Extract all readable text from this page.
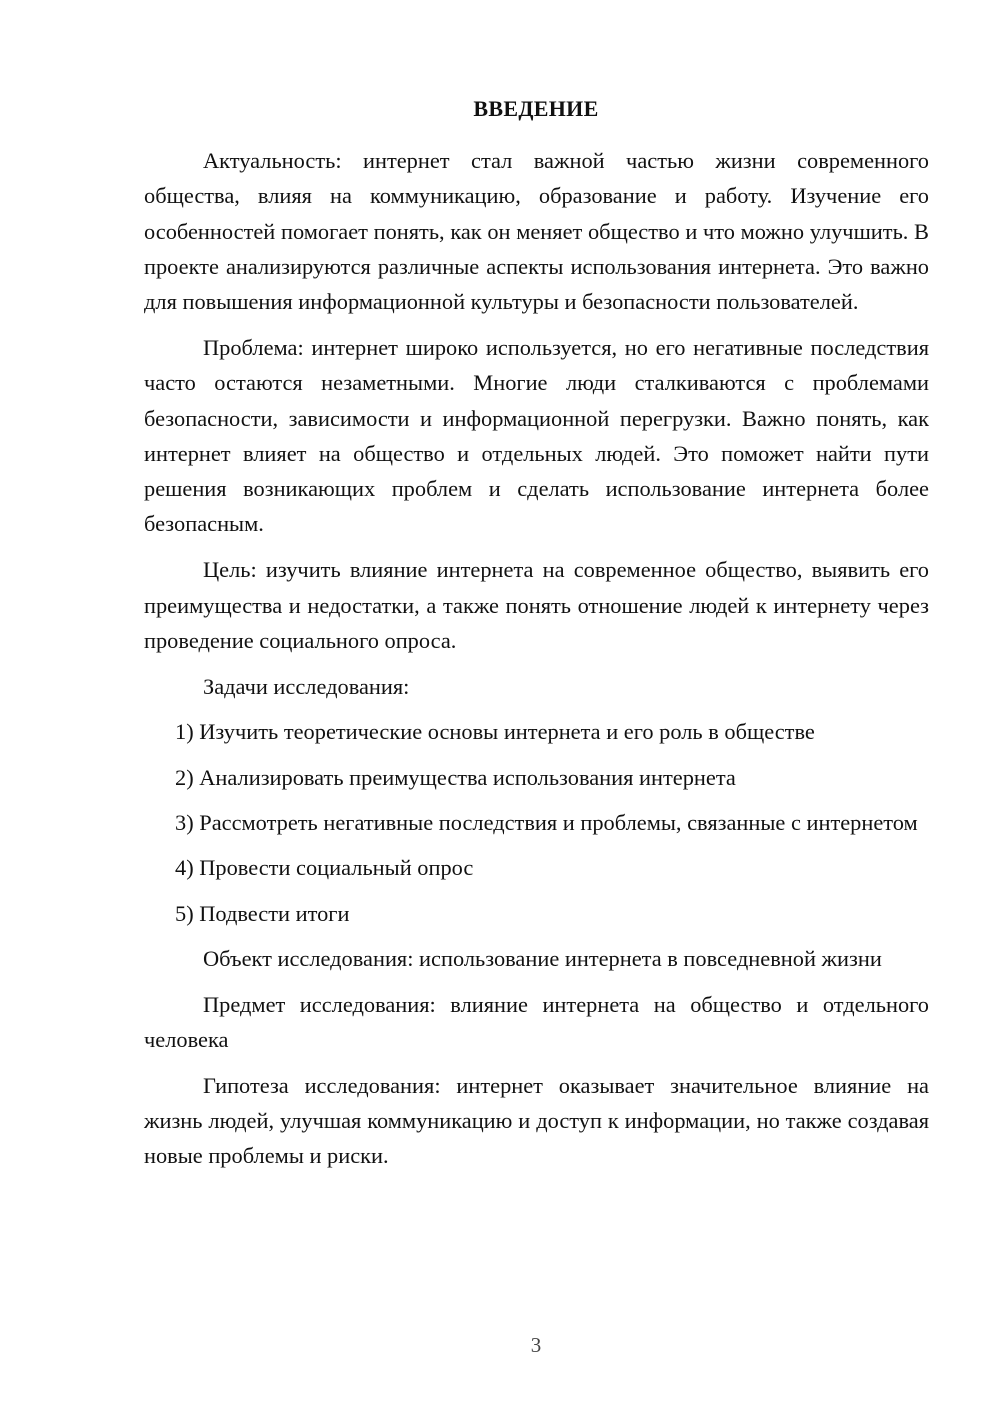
ВВЕДЕНИЕ

Актуальность: интернет стал важной частью жизни современного общества, влияя на коммуникацию, образование и работу. Изучение его особенностей помогает понять, как он меняет общество и что можно улучшить. В проекте анализируются различные аспекты использования интернета. Это важно для повышения информационной культуры и безопасности пользователей.

Проблема: интернет широко используется, но его негативные последствия часто остаются незаметными. Многие люди сталкиваются с проблемами безопасности, зависимости и информационной перегрузки. Важно понять, как интернет влияет на общество и отдельных людей. Это поможет найти пути решения возникающих проблем и сделать использование интернета более безопасным.

Цель: изучить влияние интернета на современное общество, выявить его преимущества и недостатки, а также понять отношение людей к интернету через проведение социального опроса.

Задачи исследования:

1) Изучить теоретические основы интернета и его роль в обществе

2) Анализировать преимущества использования интернета

3) Рассмотреть негативные последствия и проблемы, связанные с интернетом

4) Провести социальный опрос

5) Подвести итоги

Объект исследования: использование интернета в повседневной жизни

Предмет исследования: влияние интернета на общество и отдельного человека

Гипотеза исследования: интернет оказывает значительное влияние на жизнь людей, улучшая коммуникацию и доступ к информации, но также создавая новые проблемы и риски.

3
